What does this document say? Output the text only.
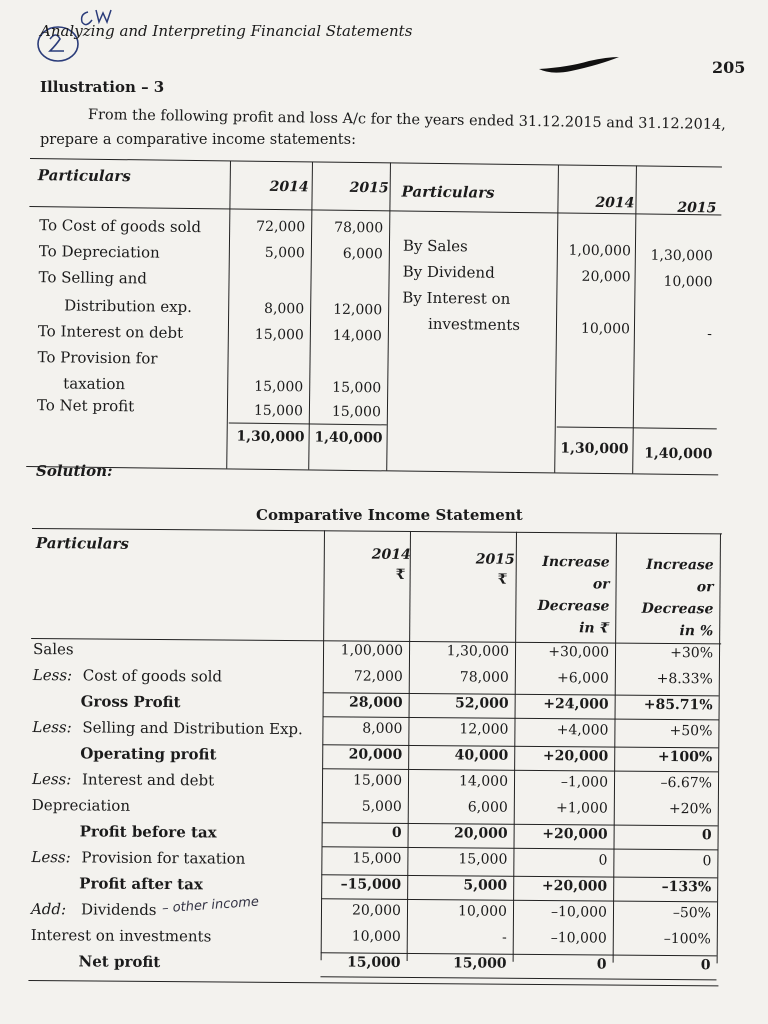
Analyzing and Interpreting Financial Statements
205
Illustration – 3
From the following profit and loss A/c for the years ended 31.12.2015 and 31.12.2014,
prepare a comparative income statements:
Particulars
2014	2015 Particulars
2014	2015
To Cost of goods sold	72,000	78,000
To Depreciation	5,000	6,000
To Selling and
Distribution exp.	8,000	12,000
To Interest on debt	15,000	14,000
To Provision for
taxation	15,000	15,000
To Net profit	15,000	15,000
By Sales	1,00,000	1,30,000
By Dividend	20,000	10,000
By Interest on
investments	10,000	-
1,30,000 1,40,000
1,30,000	1,40,000
Solution:
Comparative Income Statement
Particulars
2014
₹
2015
₹
Increase
or
Decrease
in ₹
Increase
or
Decrease
in %
Sales	1,00,000	1,30,000	+30,000	+30%
Less: Cost of goods sold	72,000	78,000	+6,000	+8.33%
Gross Profit	28,000	52,000	+24,000	+85.71%
Less: Selling and Distribution Exp.	8,000	12,000	+4,000	+50%
Operating profit	20,000	40,000	+20,000	+100%
Less: Interest and debt	15,000	14,000	–1,000	–6.67%
Depreciation	5,000	6,000	+1,000	+20%
Profit before tax	0	20,000	+20,000	0
Less: Provision for taxation	15,000	15,000	0	0
Profit after tax	–15,000	5,000	+20,000	–133%
Add: Dividends	20,000	10,000	–10,000	–50%
Interest on investments	10,000	-	–10,000	–100%
Net profit	15,000	15,000	0	0
– other income
